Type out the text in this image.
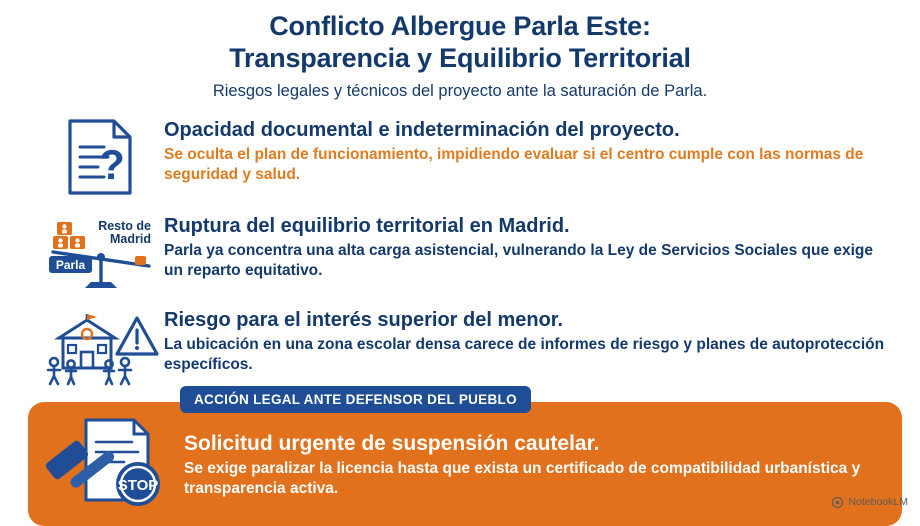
Conflicto Albergue Parla Este:
Transparencia y Equilibrio Territorial
Riesgos legales y técnicos del proyecto ante la saturación de Parla.
?
Opacidad documental e indeterminación del proyecto.
Se oculta el plan de funcionamiento, impidiendo evaluar si el centro cumple con las normas de seguridad y salud.
Parla
Resto de
Madrid
Ruptura del equilibrio territorial en Madrid.
Parla ya concentra una alta carga asistencial, vulnerando la Ley de Servicios Sociales que exige un reparto equitativo.
Riesgo para el interés superior del menor.
La ubicación en una zona escolar densa carece de informes de riesgo y planes de autoprotección específicos.
ACCIÓN LEGAL ANTE DEFENSOR DEL PUEBLO
STOP
Solicitud urgente de suspensión cautelar.
Se exige paralizar la licencia hasta que exista un certificado de compatibilidad urbanística y transparencia activa.
NotebookLM
